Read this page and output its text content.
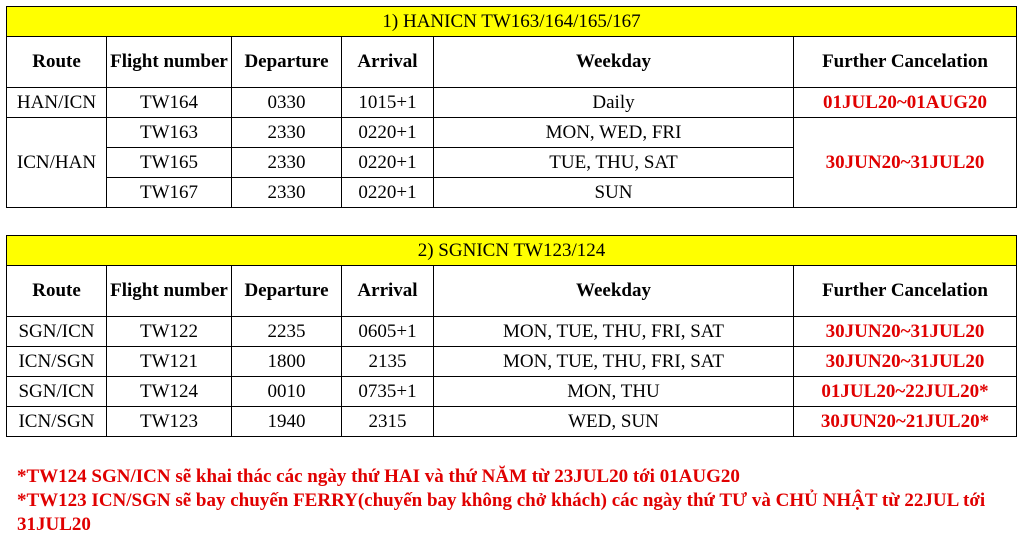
1) HANICN TW163/164/165/167					
Route	Flight number	Departure	Arrival	Weekday	Further Cancelation
HAN/ICN	TW164	0330	1015+1	Daily	01JUL20~01AUG20
ICN/HAN	TW163	2330	0220+1	MON, WED, FRI	30JUN20~31JUL20
	TW165	2330	0220+1	TUE, THU, SAT	
	TW167	2330	0220+1	SUN	
2) SGNICN TW123/124					
Route	Flight number	Departure	Arrival	Weekday	Further Cancelation
SGN/ICN	TW122	2235	0605+1	MON, TUE, THU, FRI, SAT	30JUN20~31JUL20
ICN/SGN	TW121	1800	2135	MON, TUE, THU, FRI, SAT	30JUN20~31JUL20
SGN/ICN	TW124	0010	0735+1	MON, THU	01JUL20~22JUL20*
ICN/SGN	TW123	1940	2315	WED, SUN	30JUN20~21JUL20*

*TW124 SGN/ICN sẽ khai thác các ngày thứ HAI và thứ NĂM từ 23JUL20 tới 01AUG20

*TW123 ICN/SGN sẽ bay chuyến FERRY(chuyến bay không chở khách) các ngày thứ TƯ và CHỦ NHẬT từ 22JUL tới 31JUL20
